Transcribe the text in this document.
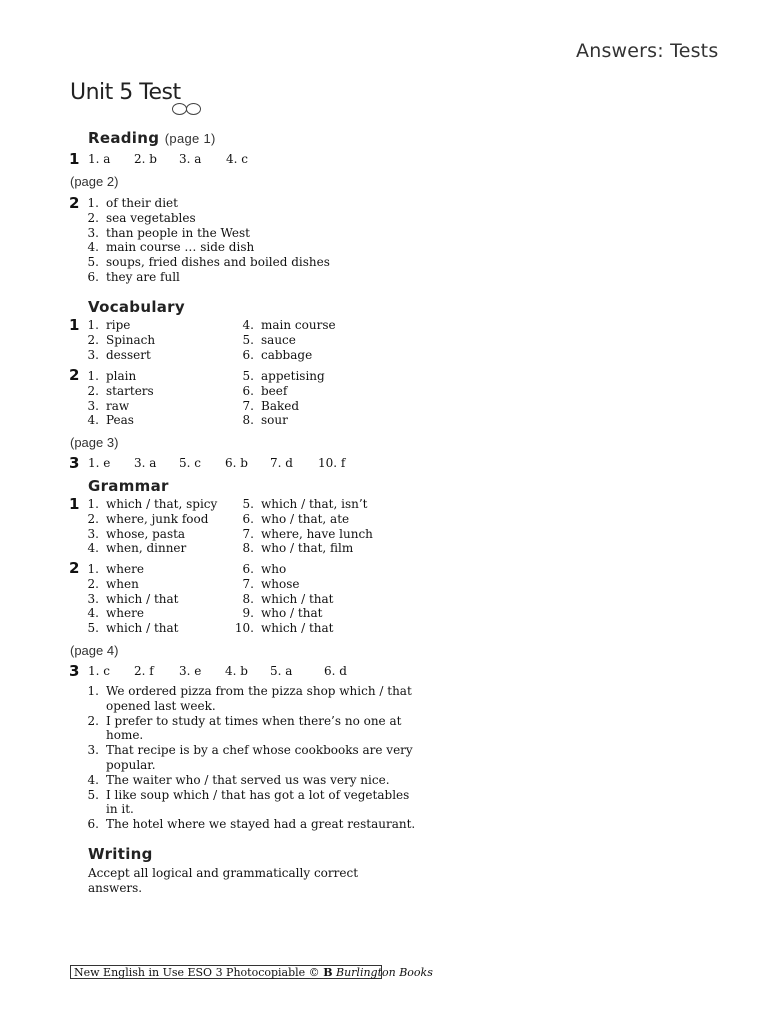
Answers: Tests
Unit 5 Test
Reading (page 1)
1 1. a 2. b 3. a 4. c
(page 2)
2 1. of their diet
2. sea vegetables
3. than people in the West
4. main course … side dish
5. soups, fried dishes and boiled dishes
6. they are full
Vocabulary
1 1. ripe
2. Spinach
3. dessert
4. main course
5. sauce
6. cabbage
2 1. plain
2. starters
3. raw
4. Peas
5. appetising
6. beef
7. Baked
8. sour
(page 3)
3 1. e 3. a 5. c 6. b 7. d 10. f
Grammar
1 1. which / that, spicy
2. where, junk food
3. whose, pasta
4. when, dinner
5. which / that, isn’t
6. who / that, ate
7. where, have lunch
8. who / that, film
2 1. where
2. when
3. which / that
4. where
5. which / that
6. who
7. whose
8. which / that
9. who / that
10. which / that
(page 4)
3 1. c 2. f 3. e 4. b 5. a	6. d
1. We ordered pizza from the pizza shop which / that
opened last week.
2. I prefer to study at times when there’s no one at
home.
3. That recipe is by a chef whose cookbooks are very
popular.
4. The waiter who / that served us was very nice.
5. I like soup which / that has got a lot of vegetables
in it.
6. The hotel where we stayed had a great restaurant.
Writing
Accept all logical and grammatically correct
answers.
New English in Use ESO 3 Photocopiable © B Burlington Books
